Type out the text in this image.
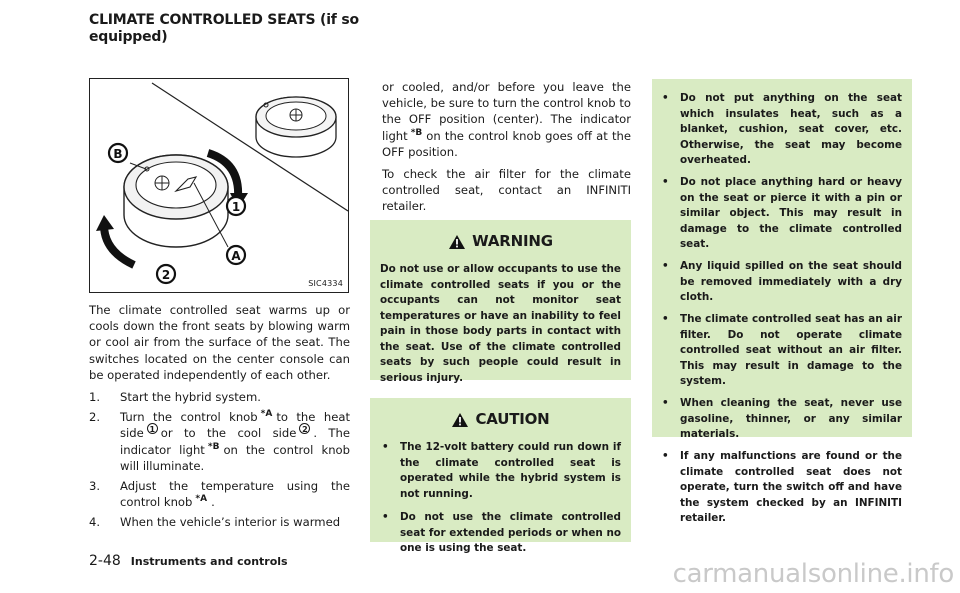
CLIMATE CONTROLLED SEATS (if so equipped)
B
A
1
2
SIC4334

The climate controlled seat warms up or cools down the front seats by blowing warm or cool air from the surface of the seat. The switches located on the center console can be operated independently of each other.

1. Start the hybrid system.
2. Turn the control knob *A to the heat side 1 or to the cool side 2 . The indicator light *B on the control knob will illuminate.
3. Adjust the temperature using the control knob *A .
4. When the vehicle’s interior is warmed

or cooled, and/or before you leave the vehicle, be sure to turn the control knob to the OFF position (center). The indicator light *B on the control knob goes off at the OFF position.

To check the air filter for the climate controlled seat, contact an INFINITI retailer.

WARNING

Do not use or allow occupants to use the climate controlled seats if you or the occupants can not monitor seat temperatures or have an inability to feel pain in those body parts in contact with the seat. Use of the climate controlled seats by such people could result in serious injury.

CAUTION
• The 12-volt battery could run down if the climate controlled seat is operated while the hybrid system is not running.
• Do not use the climate controlled seat for extended periods or when no one is using the seat.
• Do not put anything on the seat which insulates heat, such as a blanket, cushion, seat cover, etc. Otherwise, the seat may become overheated.
• Do not place anything hard or heavy on the seat or pierce it with a pin or similar object. This may result in damage to the climate controlled seat.
• Any liquid spilled on the seat should be removed immediately with a dry cloth.
• The climate controlled seat has an air filter. Do not operate climate controlled seat without an air filter. This may result in damage to the system.
• When cleaning the seat, never use gasoline, thinner, or any similar materials.
• If any malfunctions are found or the climate controlled seat does not operate, turn the switch off and have the system checked by an INFINITI retailer.
2-48 Instruments and controls	carmanualsonline.info
